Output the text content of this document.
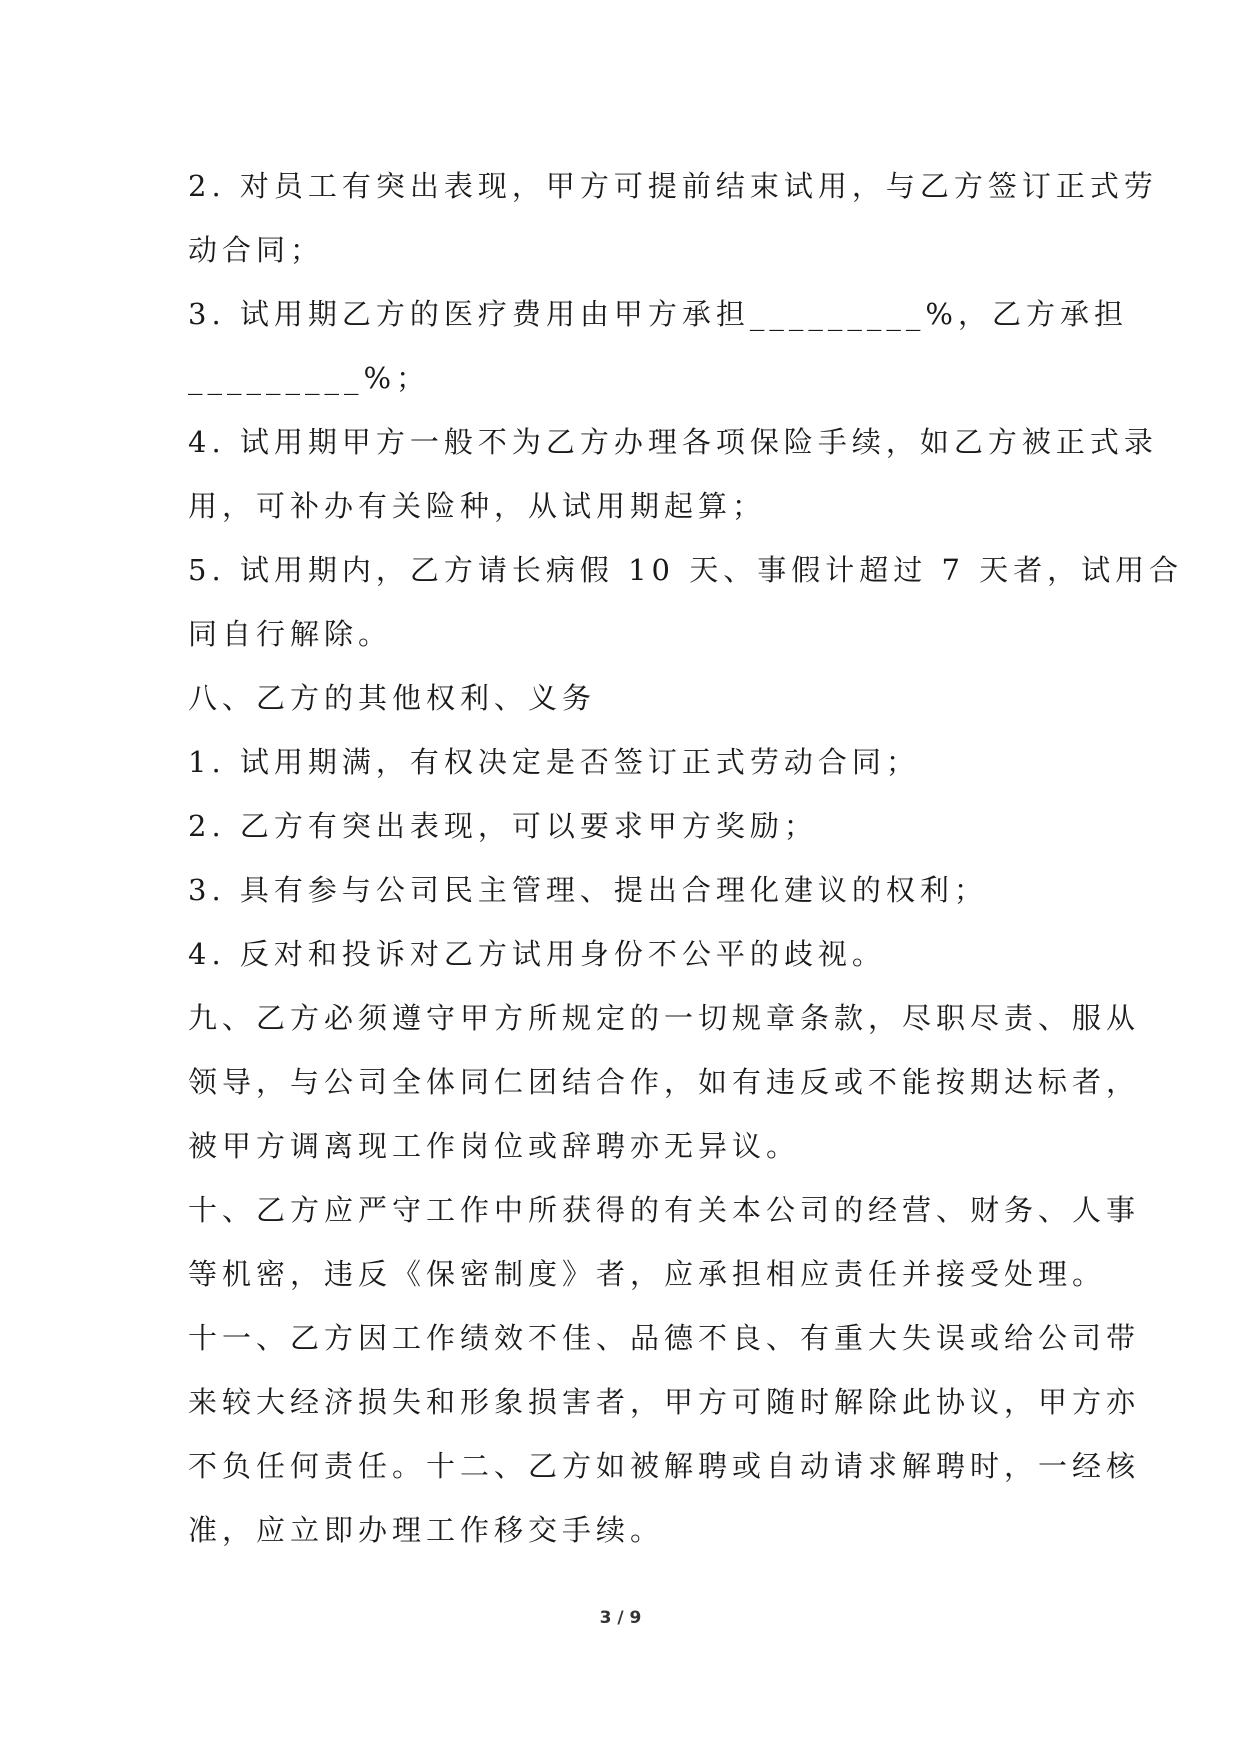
2. 对员工有突出表现，甲方可提前结束试用，与乙方签订正式劳
动合同；
3. 试用期乙方的医疗费用由甲方承担_________%，乙方承担
_________%；
4. 试用期甲方一般不为乙方办理各项保险手续，如乙方被正式录
用，可补办有关险种，从试用期起算；
5. 试用期内，乙方请长病假 10 天、事假计超过 7 天者，试用合
同自行解除。
八、乙方的其他权利、义务
1. 试用期满，有权决定是否签订正式劳动合同；
2. 乙方有突出表现，可以要求甲方奖励；
3. 具有参与公司民主管理、提出合理化建议的权利；
4. 反对和投诉对乙方试用身份不公平的歧视。
九、乙方必须遵守甲方所规定的一切规章条款，尽职尽责、服从
领导，与公司全体同仁团结合作，如有违反或不能按期达标者，
被甲方调离现工作岗位或辞聘亦无异议。
十、乙方应严守工作中所获得的有关本公司的经营、财务、人事
等机密，违反《保密制度》者，应承担相应责任并接受处理。
十一、乙方因工作绩效不佳、品德不良、有重大失误或给公司带
来较大经济损失和形象损害者，甲方可随时解除此协议，甲方亦
不负任何责任。十二、乙方如被解聘或自动请求解聘时，一经核
准，应立即办理工作移交手续。
3 / 9
